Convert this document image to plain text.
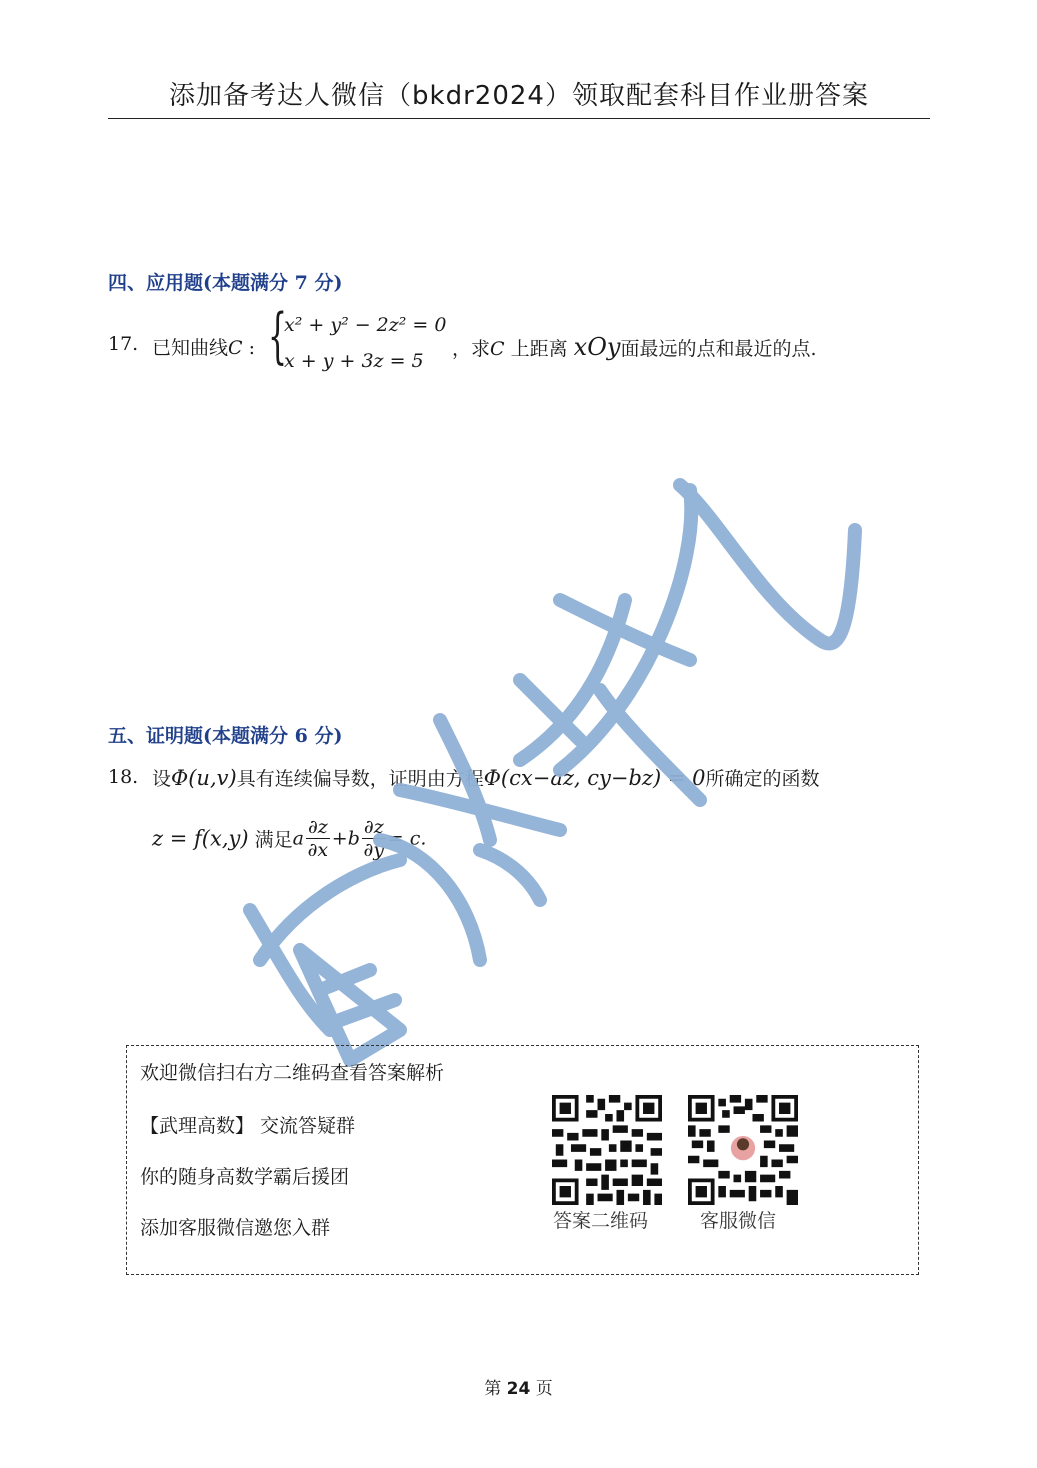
添加备考达人微信（bkdr2024）领取配套科目作业册答案
四、应用题(本题满分 7 分)
17. 已知曲线C : {
x² + y² − 2z² = 0
x + y + 3z = 5
，求C 上距离 xOy面最远的点和最近的点.
五、证明题(本题满分 6 分)
18. 设Φ(u,v)具有连续偏导数，证明由方程Φ(cx−az, cy−bz) = 0所确定的函数
z = f(x,y) 满足a $\frac{\partial z}{\partial x} +b \frac{\partial z}{\partial y} = c$.
欢迎微信扫右方二维码查看答案解析
【武理高数】 交流答疑群
你的随身高数学霸后援团
添加客服微信邀您入群	答案二维码	客服微信
第 24 页
